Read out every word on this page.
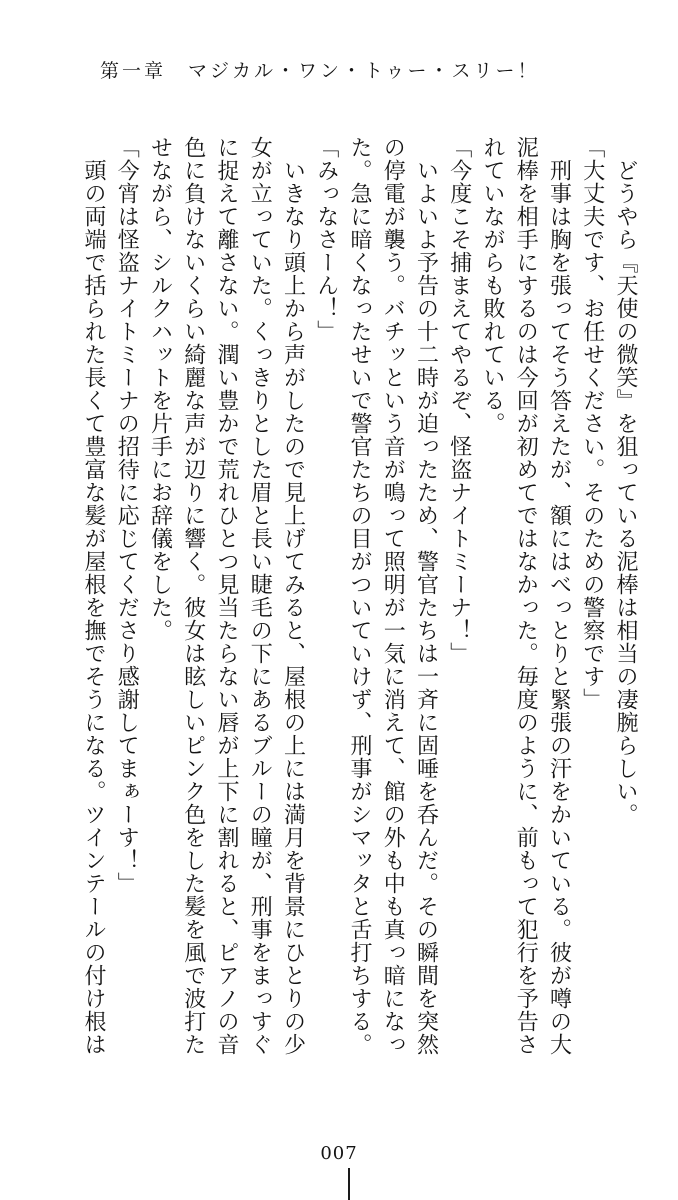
第一章　マジカル・ワン・トゥー・スリー！
　どうやら『天使の微笑』を狙っている泥棒は相当の凄腕らしい。
「大丈夫です、お任せください。そのための警察です」
　刑事は胸を張ってそう答えたが、額にはべっとりと緊張の汗をかいている。彼が噂の大
泥棒を相手にするのは今回が初めてではなかった。毎度のように、前もって犯行を予告さ
れていながらも敗れている。
「今度こそ捕まえてやるぞ、怪盗ナイトミーナ！」
　いよいよ予告の十二時が迫ったため、警官たちは一斉に固唾を呑んだ。その瞬間を突然
の停電が襲う。バチッという音が鳴って照明が一気に消えて、館の外も中も真っ暗になっ
た。急に暗くなったせいで警官たちの目がついていけず、刑事がシマッタと舌打ちする。
「みっなさーん！」
　いきなり頭上から声がしたので見上げてみると、屋根の上には満月を背景にひとりの少
女が立っていた。くっきりとした眉と長い睫毛の下にあるブルーの瞳が、刑事をまっすぐ
に捉えて離さない。潤い豊かで荒れひとつ見当たらない唇が上下に割れると、ピアノの音
色に負けないくらい綺麗な声が辺りに響く。彼女は眩しいピンク色をした髪を風で波打た
せながら、シルクハットを片手にお辞儀をした。
「今宵は怪盗ナイトミーナの招待に応じてくださり感謝してまぁーす！」
　頭の両端で括られた長くて豊富な髪が屋根を撫でそうになる。ツインテールの付け根は
007
